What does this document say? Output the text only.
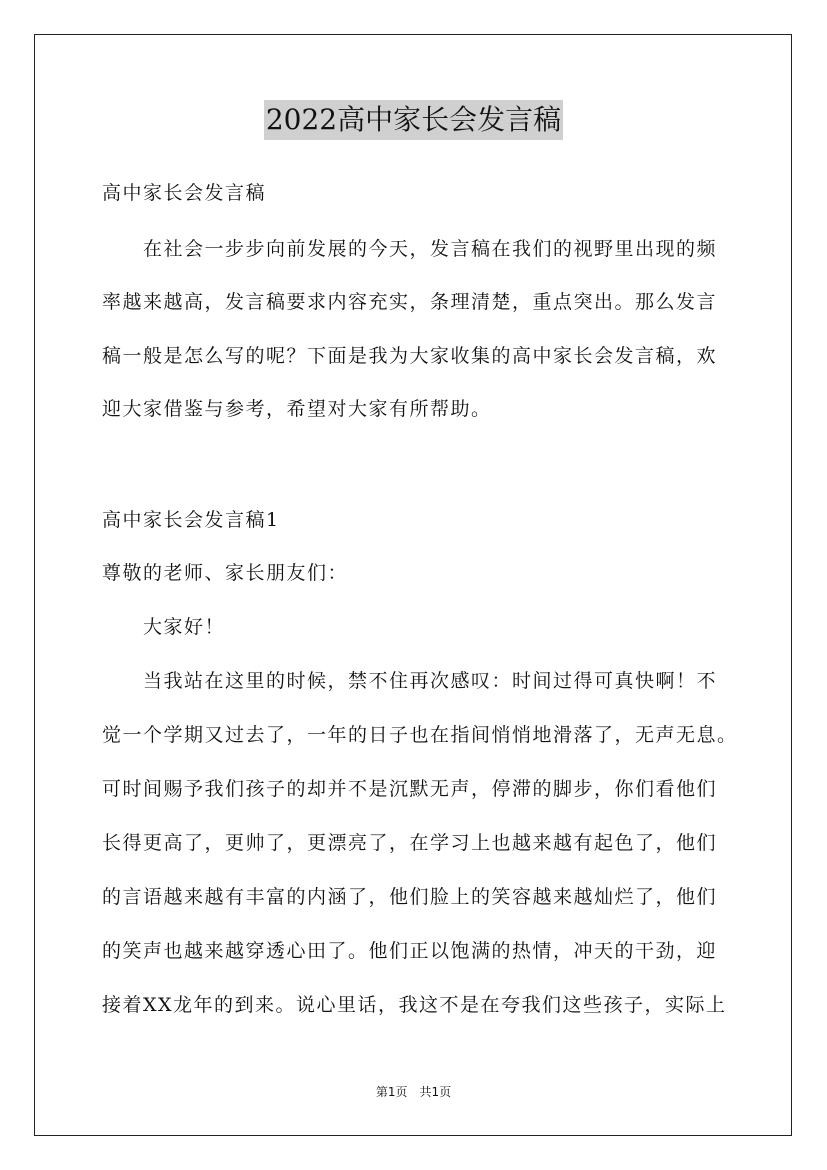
2022高中家长会发言稿
高中家长会发言稿
在社会一步步向前发展的今天，发言稿在我们的视野里出现的频
率越来越高，发言稿要求内容充实，条理清楚，重点突出。那么发言
稿一般是怎么写的呢？下面是我为大家收集的高中家长会发言稿，欢
迎大家借鉴与参考，希望对大家有所帮助。
高中家长会发言稿1
尊敬的老师、家长朋友们：
大家好！
当我站在这里的时候，禁不住再次感叹：时间过得可真快啊！不
觉一个学期又过去了，一年的日子也在指间悄悄地滑落了，无声无息。
可时间赐予我们孩子的却并不是沉默无声，停滞的脚步，你们看他们
长得更高了，更帅了，更漂亮了，在学习上也越来越有起色了，他们
的言语越来越有丰富的内涵了，他们脸上的笑容越来越灿烂了，他们
的笑声也越来越穿透心田了。他们正以饱满的热情，冲天的干劲，迎
接着XX龙年的到来。说心里话，我这不是在夸我们这些孩子，实际上
第1页 共1页
